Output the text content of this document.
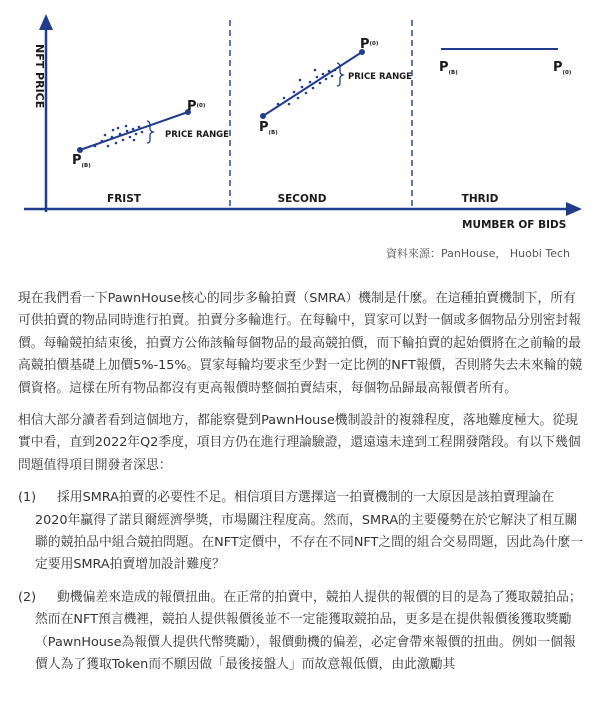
NFT PRICE
MUMBER OF BIDS
FRIST	SECOND	THRID
PRICE RANGE
$P_{(B)}$
$P^{(0)}$
PRICE RANGE
$P_{(B)}$
$P^{(0)}$
$P_{(B)}$	$P_{(0)}$
資料來源：PanHouse， Huobi Tech

現在我們看一下PawnHouse核心的同步多輪拍賣（SMRA）機制是什麼。在這種拍賣機制下，所有可供拍賣的物品同時進行拍賣。拍賣分多輪進行。在每輪中，買家可以對一個或多個物品分別密封報價。每輪競拍結束後，拍賣方公佈該輪每個物品的最高競拍價，而下輪拍賣的起始價將在之前輪的最高競拍價基礎上加價5%-15%。買家每輪均要求至少對一定比例的NFT報價，否則將失去未來輪的競價資格。這樣在所有物品都沒有更高報價時整個拍賣結束，每個物品歸最高報價者所有。

相信大部分讀者看到這個地方，都能察覺到PawnHouse機制設計的複雜程度，落地難度極大。從現實中看，直到2022年Q2季度，項目方仍在進行理論驗證，還遠遠未達到工程開發階段。有以下幾個問題值得項目開發者深思：

(1)	採用SMRA拍賣的必要性不足。相信項目方選擇這一拍賣機制的一大原因是該拍賣理論在2020年贏得了諾貝爾經濟學獎，市場關注程度高。然而，SMRA的主要優勢在於它解決了相互關聯的競拍品中組合競拍問題。在NFT定價中，不存在不同NFT之間的組合交易問題，因此為什麼一定要用SMRA拍賣增加設計難度？
(2)	動機偏差來造成的報價扭曲。在正常的拍賣中，競拍人提供的報價的目的是為了獲取競拍品；然而在NFT預言機裡，競拍人提供報價後並不一定能獲取競拍品，更多是在提供報價後獲取獎勵（PawnHouse為報價人提供代幣獎勵），報價動機的偏差，必定會帶來報價的扭曲。例如一個報價人為了獲取Token而不願因做「最後接盤人」而故意報低價，由此激勵其
